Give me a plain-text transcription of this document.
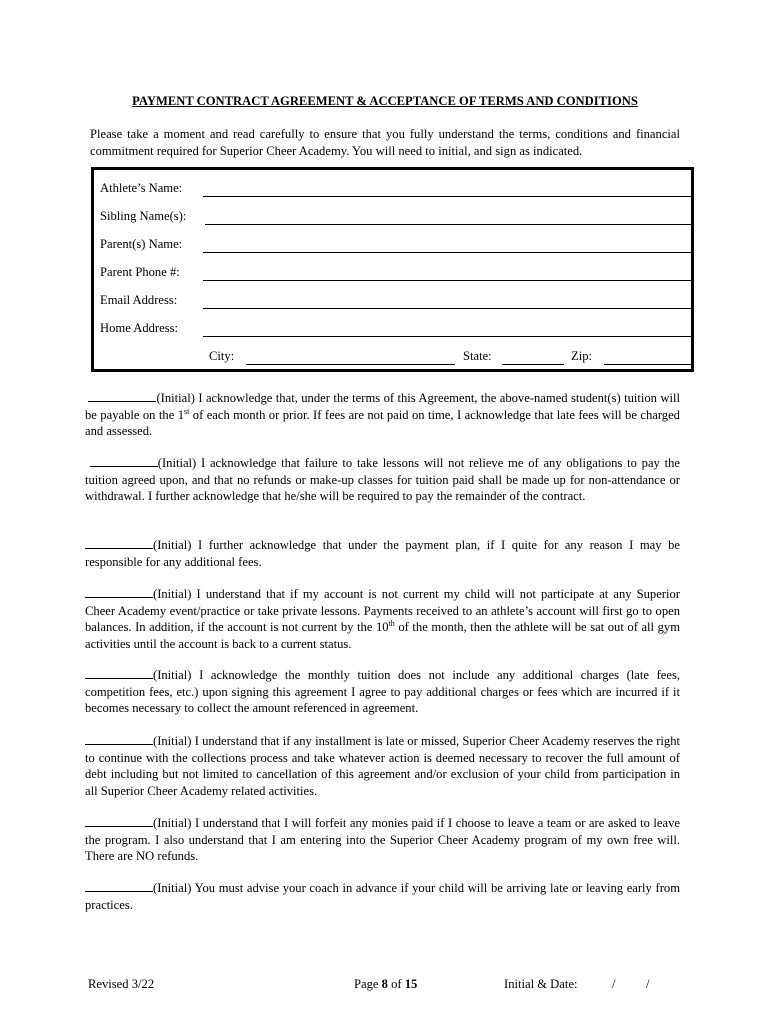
PAYMENT CONTRACT AGREEMENT & ACCEPTANCE OF TERMS AND CONDITIONS
Please take a moment and read carefully to ensure that you fully understand the terms, conditions and financial commitment required for Superior Cheer Academy. You will need to initial, and sign as indicated.
Athlete’s Name:
Sibling Name(s):
Parent(s) Name:
Parent Phone #:
Email Address:
Home Address:
City:	State:	Zip:
(Initial) I acknowledge that, under the terms of this Agreement, the above-named student(s) tuition will be payable on the 1st of each month or prior. If fees are not paid on time, I acknowledge that late fees will be charged and assessed.
(Initial) I acknowledge that failure to take lessons will not relieve me of any obligations to pay the tuition agreed upon, and that no refunds or make-up classes for tuition paid shall be made up for non-attendance or withdrawal. I further acknowledge that he/she will be required to pay the remainder of the contract.
(Initial) I further acknowledge that under the payment plan, if I quite for any reason I may be responsible for any additional fees.
(Initial) I understand that if my account is not current my child will not participate at any Superior Cheer Academy event/practice or take private lessons. Payments received to an athlete’s account will first go to open balances. In addition, if the account is not current by the 10th of the month, then the athlete will be sat out of all gym activities until the account is back to a current status.
(Initial) I acknowledge the monthly tuition does not include any additional charges (late fees, competition fees, etc.) upon signing this agreement I agree to pay additional charges or fees which are incurred if it becomes necessary to collect the amount referenced in agreement.
(Initial) I understand that if any installment is late or missed, Superior Cheer Academy reserves the right to continue with the collections process and take whatever action is deemed necessary to recover the full amount of debt including but not limited to cancellation of this agreement and/or exclusion of your child from participation in all Superior Cheer Academy related activities.
(Initial) I understand that I will forfeit any monies paid if I choose to leave a team or are asked to leave the program. I also understand that I am entering into the Superior Cheer Academy program of my own free will. There are NO refunds.
(Initial) You must advise your coach in advance if your child will be arriving late or leaving early from practices.
Revised 3/22	Page 8 of 15	Initial & Date:	/ /
